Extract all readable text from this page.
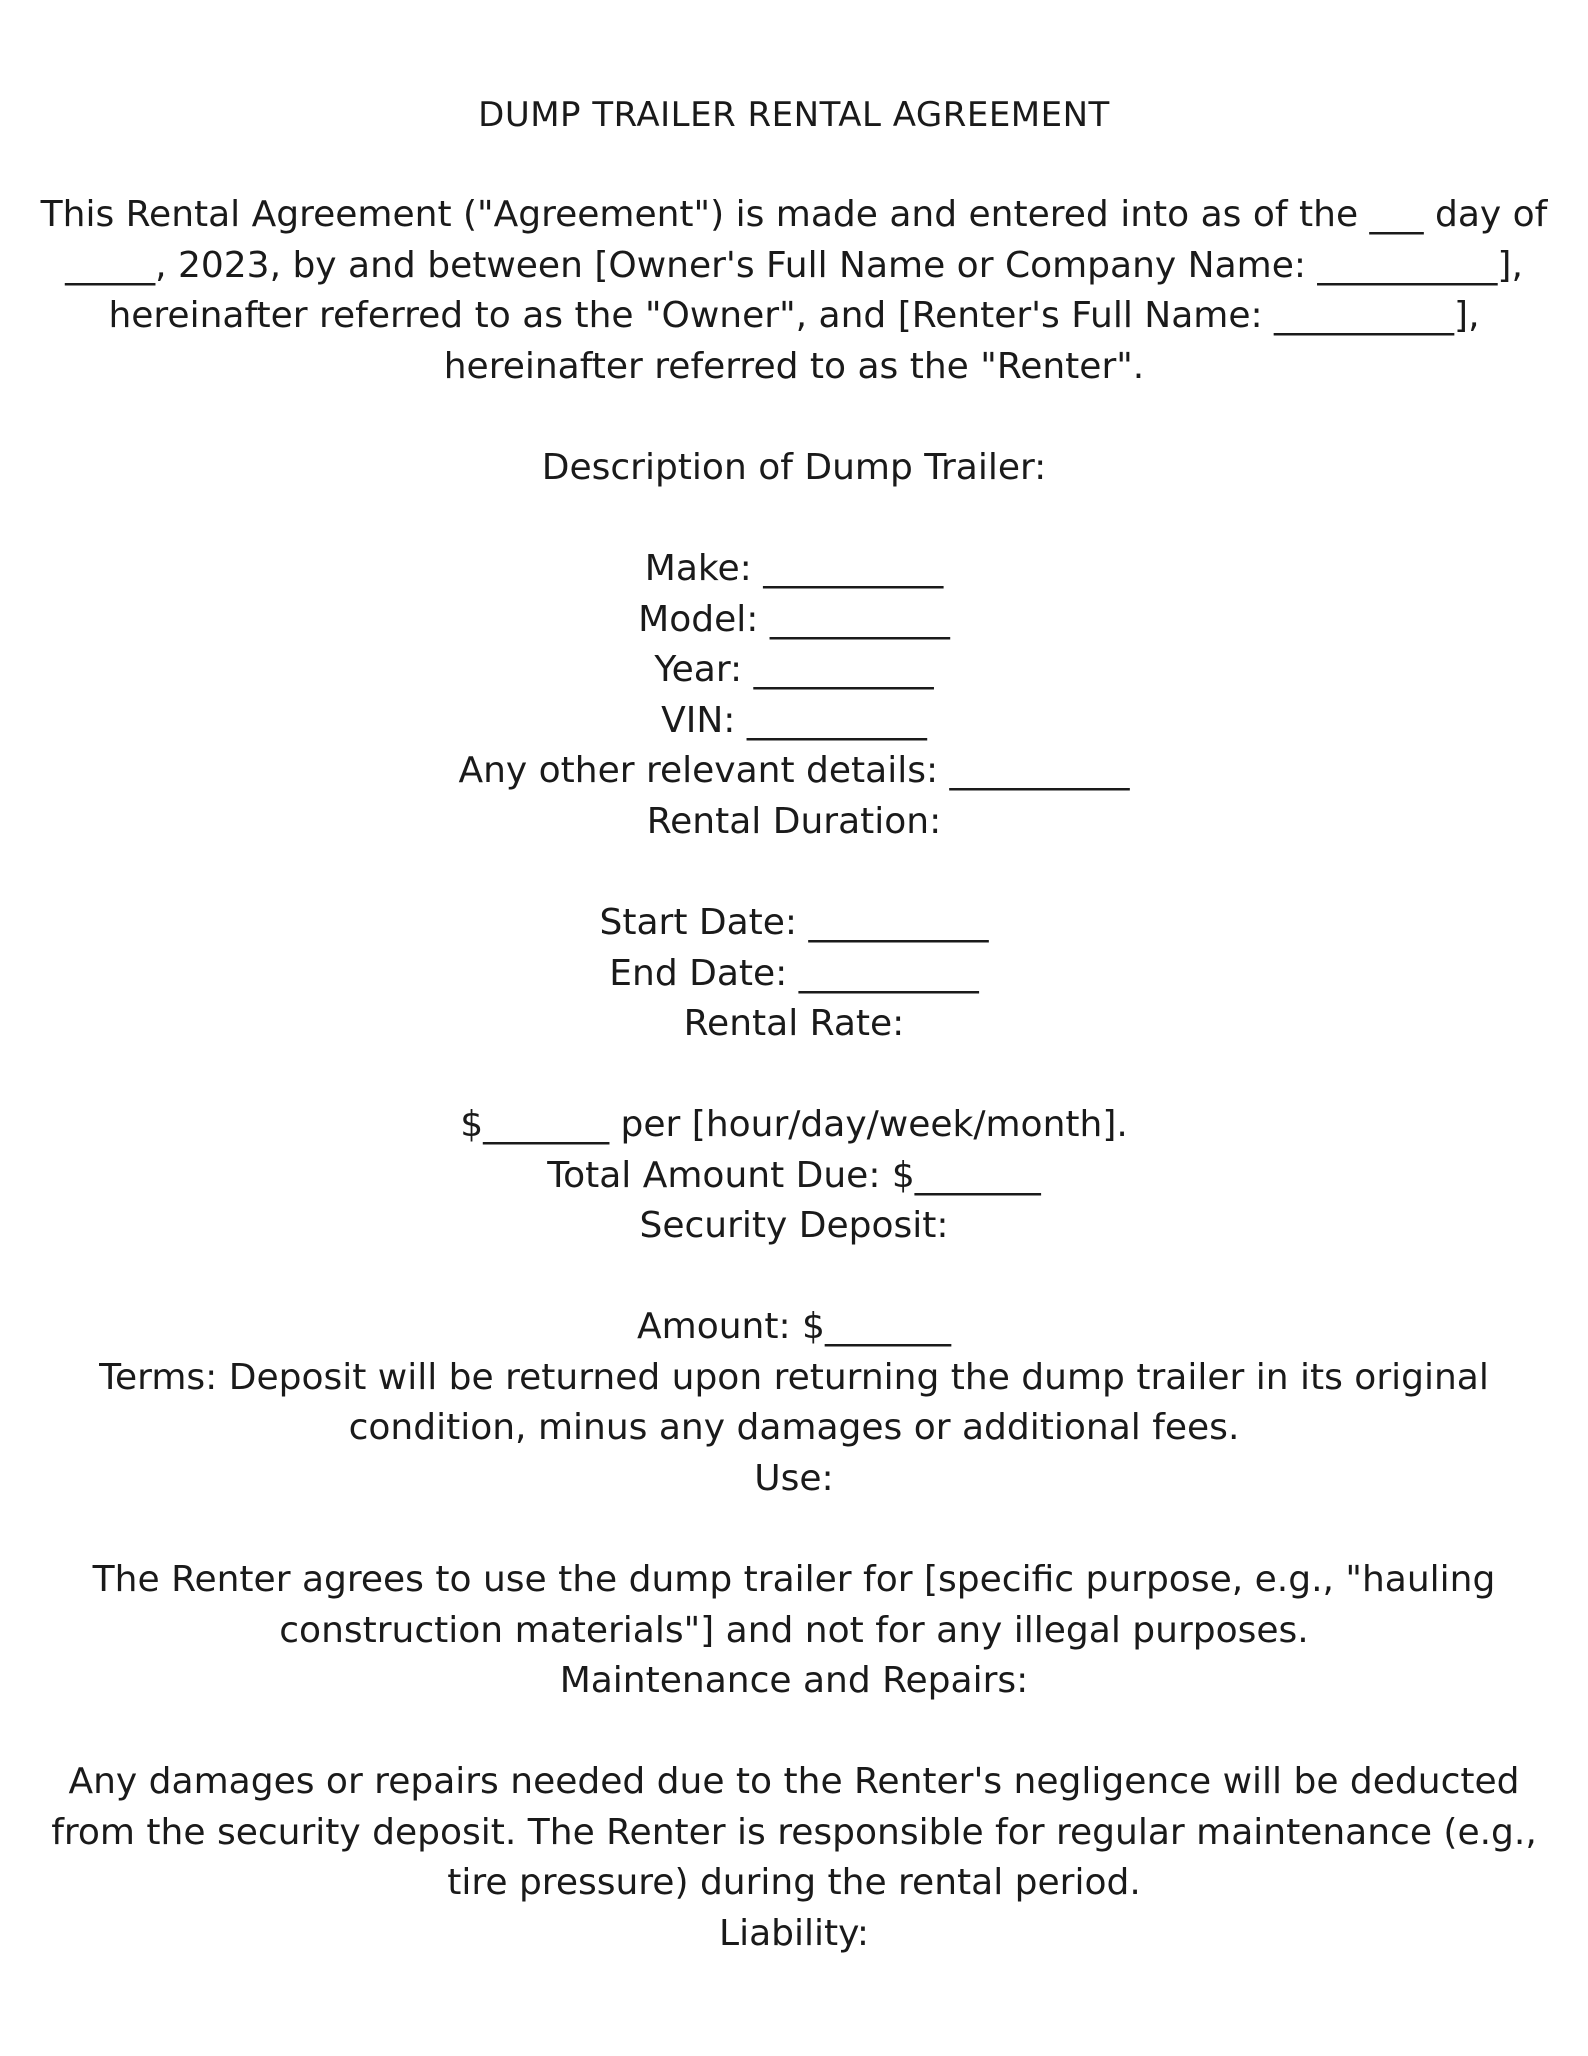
DUMP TRAILER RENTAL AGREEMENT
This Rental Agreement ("Agreement") is made and entered into as of the ___ day of
_____, 2023, by and between [Owner's Full Name or Company Name: __________],
hereinafter referred to as the "Owner", and [Renter's Full Name: __________],
hereinafter referred to as the "Renter".
Description of Dump Trailer:
Make: __________
Model: __________
Year: __________
VIN: __________
Any other relevant details: __________
Rental Duration:
Start Date: __________
End Date: __________
Rental Rate:
$_______ per [hour/day/week/month].
Total Amount Due: $_______
Security Deposit:
Amount: $_______
Terms: Deposit will be returned upon returning the dump trailer in its original
condition, minus any damages or additional fees.
Use:
The Renter agrees to use the dump trailer for [specific purpose, e.g., "hauling
construction materials"] and not for any illegal purposes.
Maintenance and Repairs:
Any damages or repairs needed due to the Renter's negligence will be deducted
from the security deposit. The Renter is responsible for regular maintenance (e.g.,
tire pressure) during the rental period.
Liability:
